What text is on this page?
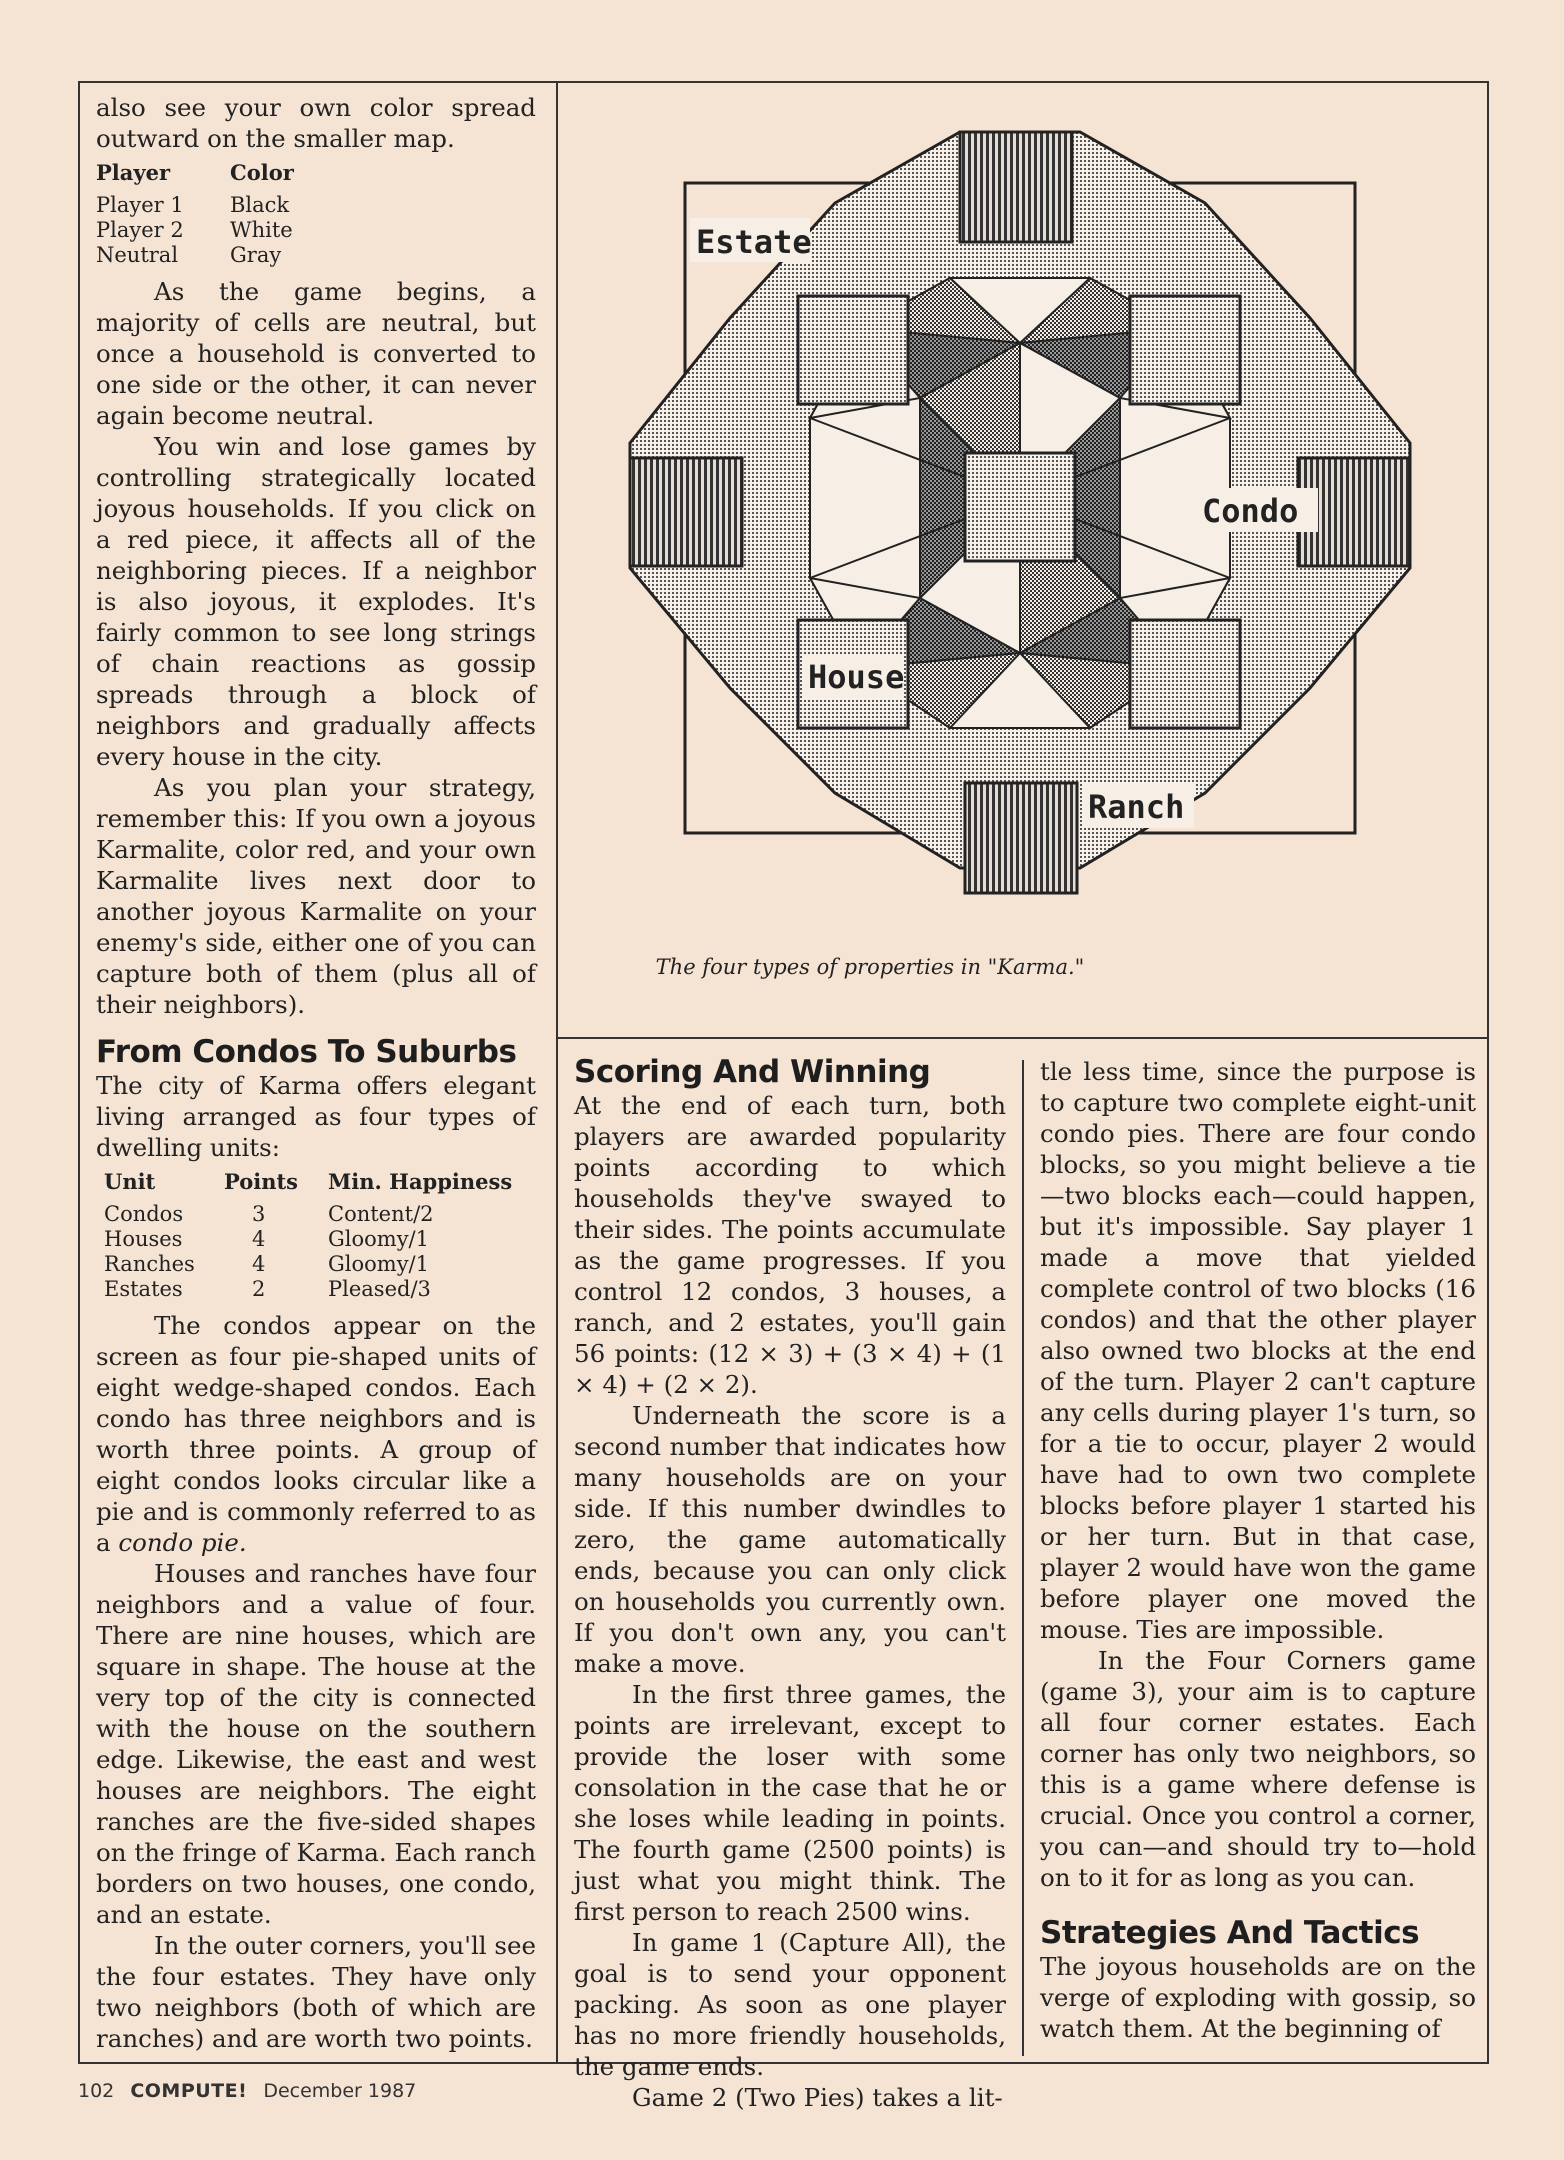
also see your own color spread outward on the smaller map.

Player	Color
Player 1	Black
Player 2	White
Neutral	Gray

As the game begins, a majority of cells are neutral, but once a household is converted to one side or the other, it can never again become neutral.

You win and lose games by controlling strategically located joyous households. If you click on a red piece, it affects all of the neighboring pieces. If a neighbor is also joyous, it explodes. It's fairly common to see long strings of chain reactions as gossip spreads through a block of neighbors and gradually affects every house in the city.

As you plan your strategy, remember this: If you own a joyous Karmalite, color red, and your own Karmalite lives next door to another joyous Karmalite on your enemy's side, either one of you can capture both of them (plus all of their neighbors).

From Condos To Suburbs

The city of Karma offers elegant living arranged as four types of dwelling units:

Unit	Points	Min. Happiness
Condos	3	Content/2
Houses	4	Gloomy/1
Ranches	4	Gloomy/1
Estates	2	Pleased/3

The condos appear on the screen as four pie-shaped units of eight wedge-shaped condos. Each condo has three neighbors and is worth three points. A group of eight condos looks circular like a pie and is commonly referred to as a condo pie.

Houses and ranches have four neighbors and a value of four. There are nine houses, which are square in shape. The house at the very top of the city is connected with the house on the southern edge. Likewise, the east and west houses are neighbors. The eight ranches are the five-sided shapes on the fringe of Karma. Each ranch borders on two houses, one condo, and an estate.

In the outer corners, you'll see the four estates. They have only two neighbors (both of which are ranches) and are worth two points.

Estate
Condo
House
Ranch
The four types of properties in "Karma."
Scoring And Winning

At the end of each turn, both players are awarded popularity points according to which households they've swayed to their sides. The points accumulate as the game progresses. If you control 12 condos, 3 houses, a ranch, and 2 estates, you'll gain 56 points: (12 × 3) + (3 × 4) + (1 × 4) + (2 × 2).

Underneath the score is a second number that indicates how many households are on your side. If this number dwindles to zero, the game automatically ends, because you can only click on households you currently own. If you don't own any, you can't make a move.

In the first three games, the points are irrelevant, except to provide the loser with some consolation in the case that he or she loses while leading in points. The fourth game (2500 points) is just what you might think. The first person to reach 2500 wins.

In game 1 (Capture All), the goal is to send your opponent packing. As soon as one player has no more friendly households, the game ends.

Game 2 (Two Pies) takes a lit-

tle less time, since the purpose is to capture two complete eight-unit condo pies. There are four condo blocks, so you might believe a tie—two blocks each—could happen, but it's impossible. Say player 1 made a move that yielded complete control of two blocks (16 condos) and that the other player also owned two blocks at the end of the turn. Player 2 can't capture any cells during player 1's turn, so for a tie to occur, player 2 would have had to own two complete blocks before player 1 started his or her turn. But in that case, player 2 would have won the game before player one moved the mouse. Ties are impossible.

In the Four Corners game (game 3), your aim is to capture all four corner estates. Each corner has only two neighbors, so this is a game where defense is crucial. Once you control a corner, you can—and should try to—hold on to it for as long as you can.

Strategies And Tactics

The joyous households are on the verge of exploding with gossip, so watch them. At the beginning of

102 COMPUTE! December 1987
